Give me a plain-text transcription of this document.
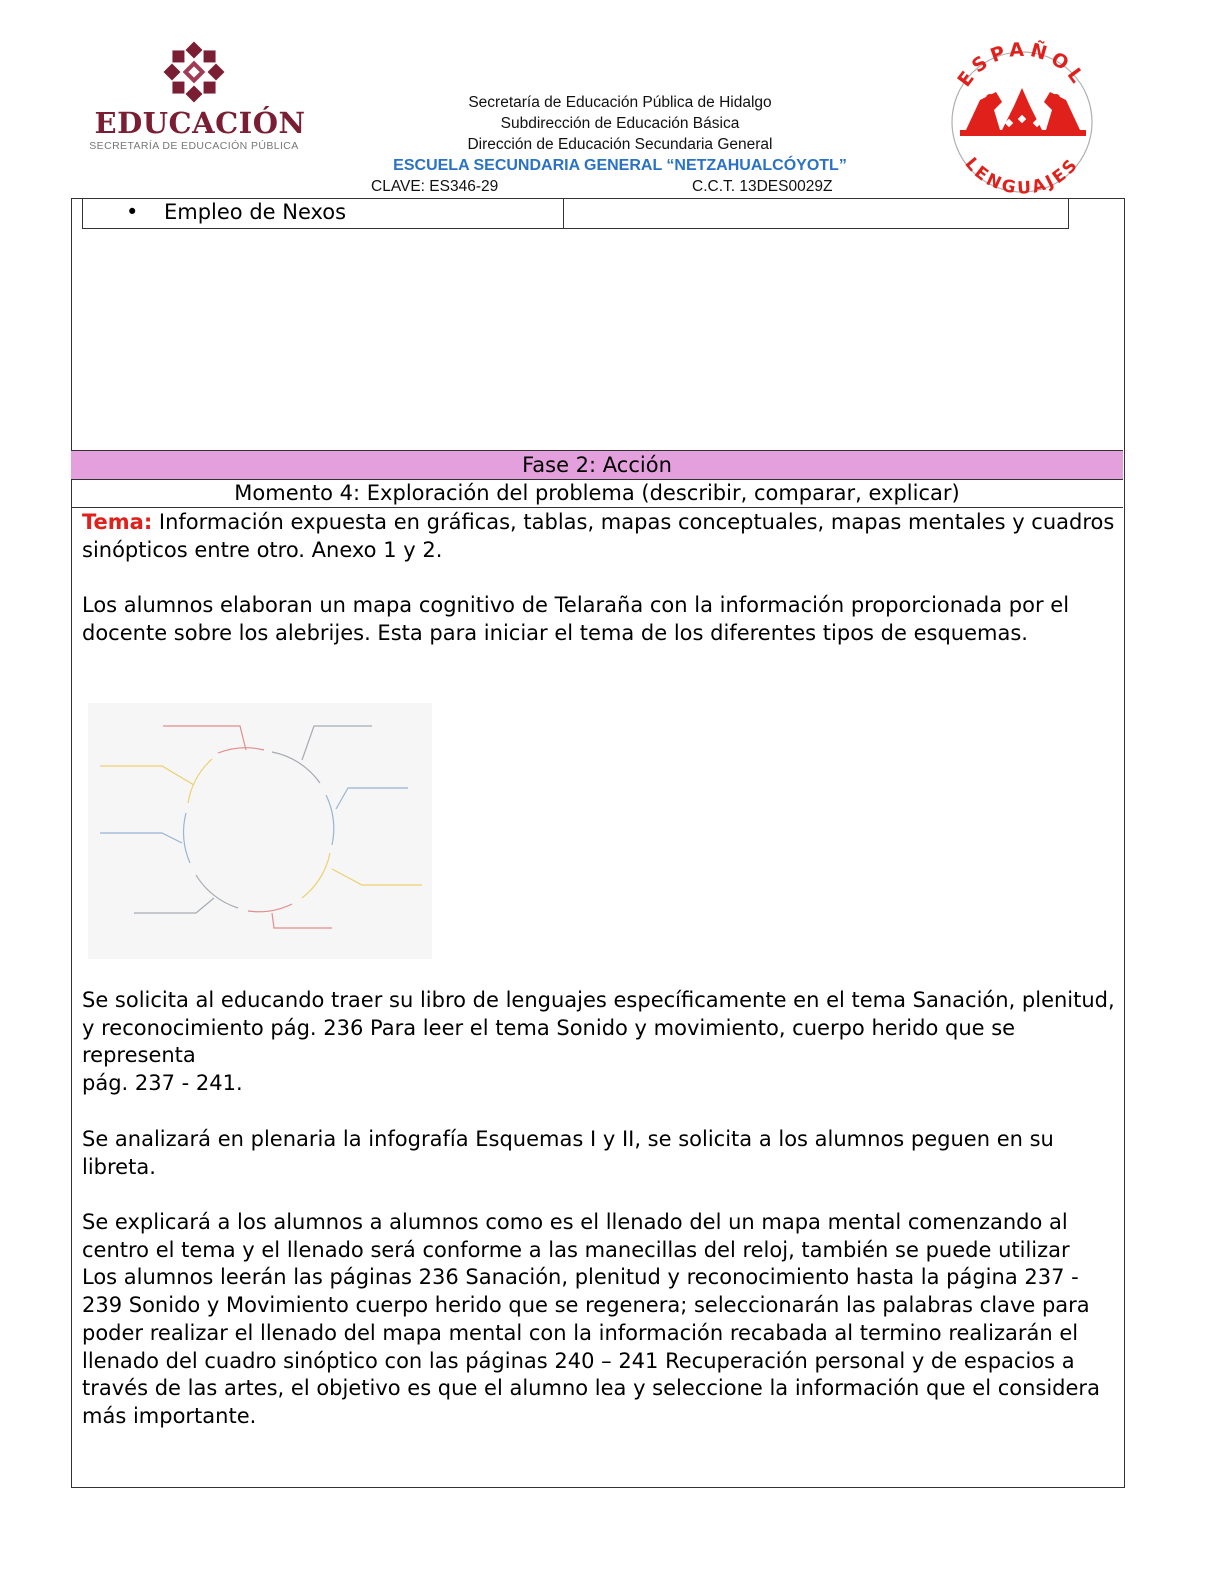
EDUCACIÓN
SECRETARÍA DE EDUCACIÓN PÚBLICA
Secretaría de Educación Pública de Hidalgo
Subdirección de Educación Básica
Dirección de Educación Secundaria General
ESCUELA SECUNDARIA GENERAL “NETZAHUALCÓYOTL”
CLAVE: ES346-29	C.C.T. 13DES0029Z
ESPAÑOL
LENGUAJES
• Empleo de Nexos
Fase 2: Acción
Momento 4: Exploración del problema (describir, comparar, explicar)
Tema: Información expuesta en gráficas, tablas, mapas conceptuales, mapas mentales y cuadros sinópticos entre otro. Anexo 1 y 2.
Los alumnos elaboran un mapa cognitivo de Telaraña con la información proporcionada por el docente sobre los alebrijes. Esta para iniciar el tema de los diferentes tipos de esquemas.
Se solicita al educando traer su libro de lenguajes específicamente en el tema Sanación, plenitud, y reconocimiento pág. 236 Para leer el tema Sonido y movimiento, cuerpo herido que se representa
pág. 237 - 241.
Se analizará en plenaria la infografía Esquemas I y II, se solicita a los alumnos peguen en su libreta.
Se explicará a los alumnos a alumnos como es el llenado del un mapa mental comenzando al centro el tema y el llenado será conforme a las manecillas del reloj, también se puede utilizar
Los alumnos leerán las páginas 236 Sanación, plenitud y reconocimiento hasta la página 237 - 239 Sonido y Movimiento cuerpo herido que se regenera; seleccionarán las palabras clave para poder realizar el llenado del mapa mental con la información recabada al termino realizarán el llenado del cuadro sinóptico con las páginas 240 – 241 Recuperación personal y de espacios a través de las artes, el objetivo es que el alumno lea y seleccione la información que el considera más importante.
